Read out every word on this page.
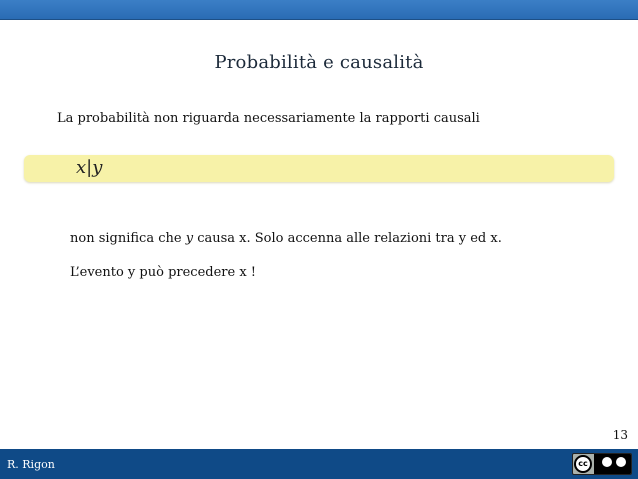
Probabilità e causalità
La probabilità non riguarda necessariamente la rapporti causali
x|y
non significa che y causa x. Solo accenna alle relazioni tra y ed x.
L’evento y può precedere x !
13
R. Rigon	cc
